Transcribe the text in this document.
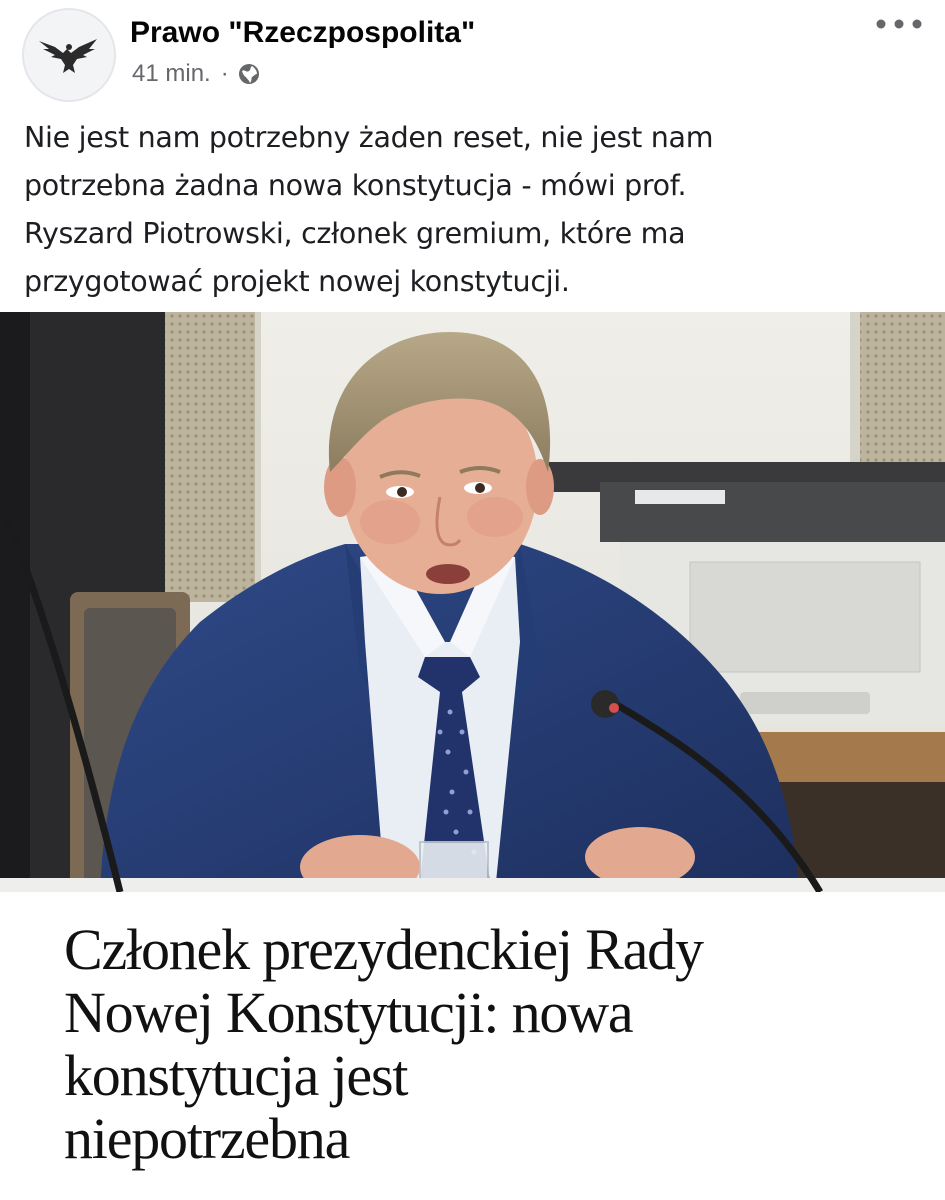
Prawo "Rzeczpospolita"
41 min. ·
Nie jest nam potrzebny żaden reset, nie jest nam
potrzebna żadna nowa konstytucja - mówi prof.
Ryszard Piotrowski, członek gremium, które ma
przygotować projekt nowej konstytucji.
Członek prezydenckiej Rady
Nowej Konstytucji: nowa
konstytucja jest
niepotrzebna
